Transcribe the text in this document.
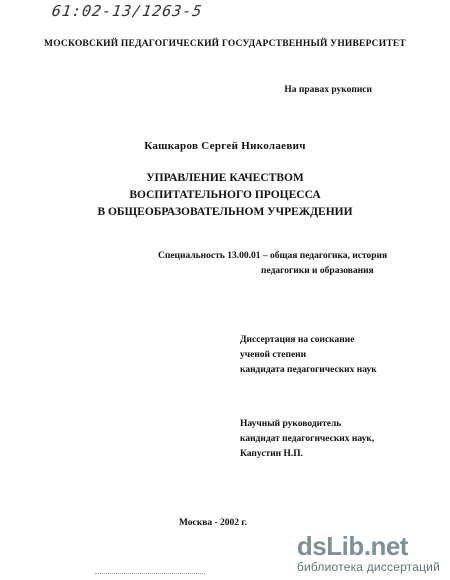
61:02-13/1263-5
МОСКОВСКИЙ ПЕДАГОГИЧЕСКИЙ ГОСУДАРСТВЕННЫЙ УНИВЕРСИТЕТ
На правах рукописи
Кашкаров Сергей Николаевич
УПРАВЛЕНИЕ КАЧЕСТВОМ
ВОСПИТАТЕЛЬНОГО ПРОЦЕССА
В ОБЩЕОБРАЗОВАТЕЛЬНОМ УЧРЕЖДЕНИИ
Специальность 13.00.01 – общая педагогика, история
педагогики и образования
Диссертация на соискание
ученой степени
кандидата педагогических наук
Научный руководитель
кандидат педагогических наук,
Капустин Н.П.
Москва - 2002 г.
dsLib.net
библиотека диссертаций
